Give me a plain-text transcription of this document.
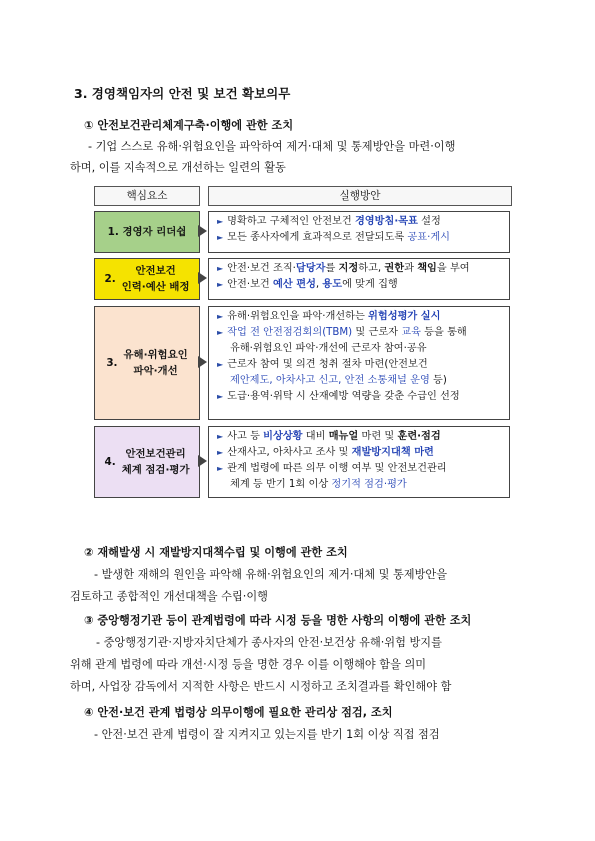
3. 경영책임자의 안전 및 보건 확보의무
① 안전보건관리체계구축·이행에 관한 조치
- 기업 스스로 유해·위험요인을 파악하여 제거·대체 및 통제방안을 마련·이행
하며, 이를 지속적으로 개선하는 일련의 활동
핵심요소	실행방안
1. 경영자 리더쉽
► 명확하고 구체적인 안전보건 경영방침·목표 설정
► 모든 종사자에게 효과적으로 전달되도록 공표·게시
2.
안전보건
인력·예산 배정
► 안전·보건 조직·담당자를 지정하고, 권한과 책임을 부여
► 안전·보건 예산 편성, 용도에 맞게 집행
3.
유해·위험요인
파악·개선
► 유해·위험요인을 파악·개선하는 위험성평가 실시
► 작업 전 안전점검회의(TBM) 및 근로자 교육 등을 통해
유해·위험요인 파악·개선에 근로자 참여·공유
► 근로자 참여 및 의견 청취 절차 마련(안전보건
제안제도, 아차사고 신고, 안전 소통채널 운영 등)
► 도급·용역·위탁 시 산재예방 역량을 갖춘 수급인 선정
4.
안전보건관리
체계 점검·평가
► 사고 등 비상상황 대비 매뉴얼 마련 및 훈련·점검
► 산재사고, 아차사고 조사 및 재발방지대책 마련
► 관계 법령에 따른 의무 이행 여부 및 안전보건관리
체계 등 반기 1회 이상 정기적 점검·평가
② 재해발생 시 재발방지대책수립 및 이행에 관한 조치
- 발생한 재해의 원인을 파악해 유해·위험요인의 제거·대체 및 통제방안을
검토하고 종합적인 개선대책을 수립·이행
③ 중앙행정기관 등이 관계법령에 따라 시정 등을 명한 사항의 이행에 관한 조치
- 중앙행정기관·지방자치단체가 종사자의 안전·보건상 유해·위험 방지를
위해 관계 법령에 따라 개선·시정 등을 명한 경우 이를 이행해야 함을 의미
하며, 사업장 감독에서 지적한 사항은 반드시 시정하고 조치결과를 확인해야 함
④ 안전·보건 관계 법령상 의무이행에 필요한 관리상 점검, 조치
- 안전·보건 관계 법령이 잘 지켜지고 있는지를 반기 1회 이상 직접 점검
